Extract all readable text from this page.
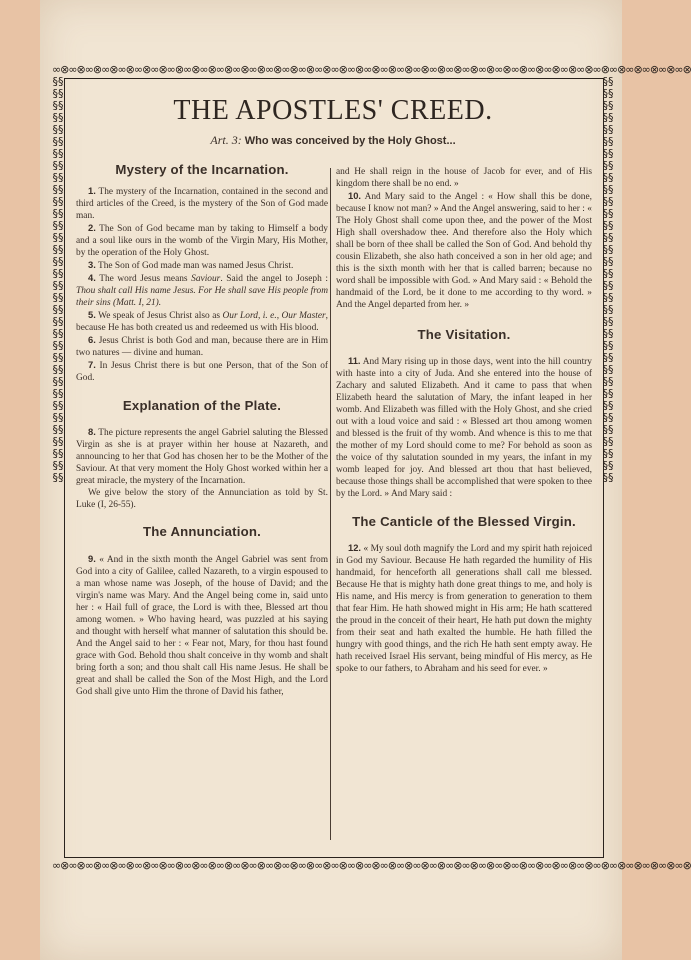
∞⊗∞⊗∞⊗∞⊗∞⊗∞⊗∞⊗∞⊗∞⊗∞⊗∞⊗∞⊗∞⊗∞⊗∞⊗∞⊗∞⊗∞⊗∞⊗∞⊗∞⊗∞⊗∞⊗∞⊗∞⊗∞⊗∞⊗∞⊗∞⊗∞⊗∞⊗∞⊗∞⊗∞⊗∞⊗∞⊗∞⊗∞⊗∞⊗
∞⊗∞⊗∞⊗∞⊗∞⊗∞⊗∞⊗∞⊗∞⊗∞⊗∞⊗∞⊗∞⊗∞⊗∞⊗∞⊗∞⊗∞⊗∞⊗∞⊗∞⊗∞⊗∞⊗∞⊗∞⊗∞⊗∞⊗∞⊗∞⊗∞⊗∞⊗∞⊗∞⊗∞⊗∞⊗∞⊗∞⊗∞⊗∞⊗
§§§§§§§§§§§§§§§§§§§§§§§§§§§§§§§§§§§§§§§§§§§§§§§§§§§§§§§§§§§§§§§§§§§§
§§§§§§§§§§§§§§§§§§§§§§§§§§§§§§§§§§§§§§§§§§§§§§§§§§§§§§§§§§§§§§§§§§§§
THE APOSTLES' CREED.
Art. 3: Who was conceived by the Holy Ghost...
Mystery of the Incarnation.

1. The mystery of the Incarnation, contained in the second and third articles of the Creed, is the mystery of the Son of God made man.

2. The Son of God became man by taking to Himself a body and a soul like ours in the womb of the Virgin Mary, His Mother, by the operation of the Holy Ghost.

3. The Son of God made man was named Jesus Christ.

4. The word Jesus means Saviour. Said the angel to Joseph : Thou shalt call His name Jesus. For He shall save His people from their sins (Matt. I, 21).

5. We speak of Jesus Christ also as Our Lord, i. e., Our Master, because He has both created us and redeemed us with His blood.

6. Jesus Christ is both God and man, because there are in Him two natures — divine and human.

7. In Jesus Christ there is but one Person, that of the Son of God.

Explanation of the Plate.

8. The picture represents the angel Gabriel saluting the Blessed Virgin as she is at prayer within her house at Nazareth, and announcing to her that God has chosen her to be the Mother of the Saviour. At that very moment the Holy Ghost worked within her a great miracle, the mystery of the Incarnation.

We give below the story of the Annunciation as told by St. Luke (I, 26-55).

The Annunciation.

9. « And in the sixth month the Angel Gabriel was sent from God into a city of Galilee, called Nazareth, to a virgin espoused to a man whose name was Joseph, of the house of David; and the virgin's name was Mary. And the Angel being come in, said unto her : « Hail full of grace, the Lord is with thee, Blessed art thou among women. » Who having heard, was puzzled at his saying and thought with herself what manner of salutation this should be. And the Angel said to her : « Fear not, Mary, for thou hast found grace with God. Behold thou shalt conceive in thy womb and shalt bring forth a son; and thou shalt call His name Jesus. He shall be great and shall be called the Son of the Most High, and the Lord God shall give unto Him the throne of David his father,

and He shall reign in the house of Jacob for ever, and of His kingdom there shall be no end. »

10. And Mary said to the Angel : « How shall this be done, because I know not man? » And the Angel answering, said to her : « The Holy Ghost shall come upon thee, and the power of the Most High shall overshadow thee. And therefore also the Holy which shall be born of thee shall be called the Son of God. And behold thy cousin Elizabeth, she also hath conceived a son in her old age; and this is the sixth month with her that is called barren; because no word shall be impossible with God. » And Mary said : « Behold the handmaid of the Lord, be it done to me according to thy word. » And the Angel departed from her. »

The Visitation.

11. And Mary rising up in those days, went into the hill country with haste into a city of Juda. And she entered into the house of Zachary and saluted Elizabeth. And it came to pass that when Elizabeth heard the salutation of Mary, the infant leaped in her womb. And Elizabeth was filled with the Holy Ghost, and she cried out with a loud voice and said : « Blessed art thou among women and blessed is the fruit of thy womb. And whence is this to me that the mother of my Lord should come to me? For behold as soon as the voice of thy salutation sounded in my years, the infant in my womb leaped for joy. And blessed art thou that hast believed, because those things shall be accomplished that were spoken to thee by the Lord. » And Mary said :

The Canticle of the Blessed Virgin.

12. « My soul doth magnify the Lord and my spirit hath rejoiced in God my Saviour. Because He hath regarded the humility of His handmaid, for henceforth all generations shall call me blessed. Because He that is mighty hath done great things to me, and holy is His name, and His mercy is from generation to generation to them that fear Him. He hath showed might in His arm; He hath scattered the proud in the conceit of their heart, He hath put down the mighty from their seat and hath exalted the humble. He hath filled the hungry with good things, and the rich He hath sent empty away. He hath received Israel His servant, being mindful of His mercy, as He spoke to our fathers, to Abraham and his seed for ever. »
